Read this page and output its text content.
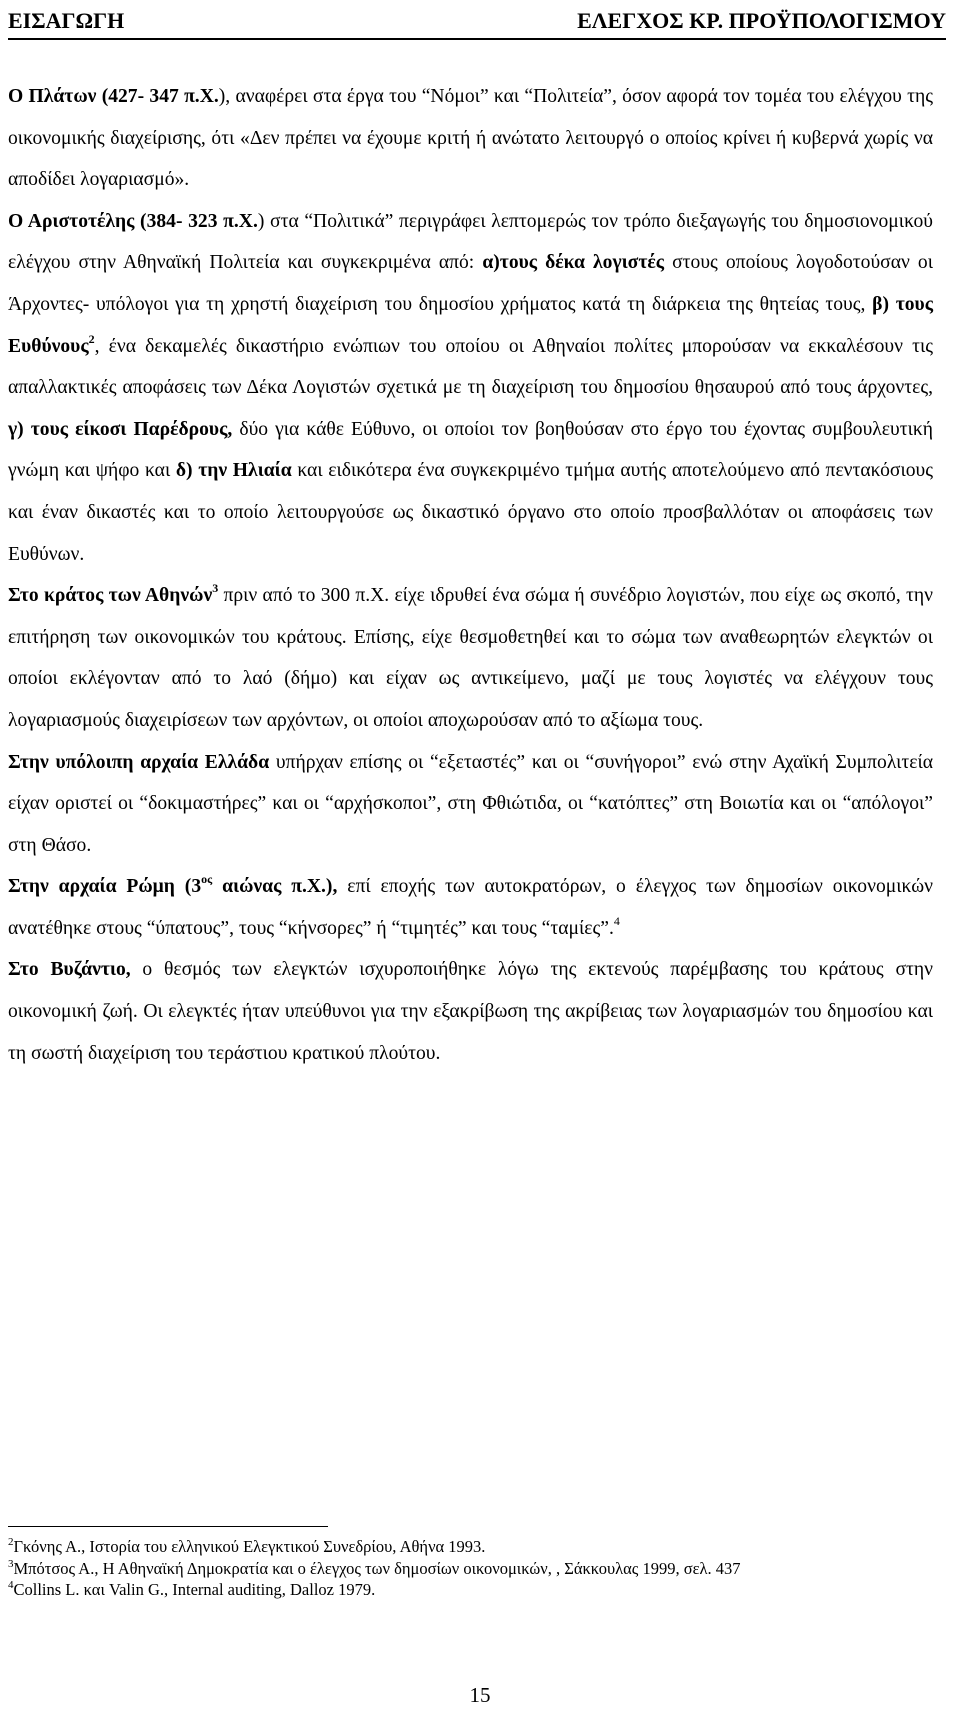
ΕΙΣΑΓΩΓΗ	ΕΛΕΓΧΟΣ ΚΡ. ΠΡΟΫΠΟΛΟΓΙΣΜΟΥ

Ο Πλάτων (427- 347 π.Χ.), αναφέρει στα έργα του “Νόμοι” και “Πολιτεία”, όσον αφορά τον τομέα του ελέγχου της οικονομικής διαχείρισης, ότι «Δεν πρέπει να έχουμε κριτή ή ανώτατο λειτουργό ο οποίος κρίνει ή κυβερνά χωρίς να αποδίδει λογαριασμό».

Ο Αριστοτέλης (384- 323 π.Χ.) στα “Πολιτικά” περιγράφει λεπτομερώς τον τρόπο διεξαγωγής του δημοσιονομικού ελέγχου στην Αθηναϊκή Πολιτεία και συγκεκριμένα από: α)τους δέκα λογιστές στους οποίους λογοδοτούσαν οι Άρχοντες- υπόλογοι για τη χρηστή διαχείριση του δημοσίου χρήματος κατά τη διάρκεια της θητείας τους, β) τους Ευθύνους$^2$, ένα δεκαμελές δικαστήριο ενώπιων του οποίου οι Αθηναίοι πολίτες μπορούσαν να εκκαλέσουν τις απαλλακτικές αποφάσεις των Δέκα Λογιστών σχετικά με τη διαχείριση του δημοσίου θησαυρού από τους άρχοντες, γ) τους είκοσι Παρέδρους, δύο για κάθε Εύθυνο, οι οποίοι τον βοηθούσαν στο έργο του έχοντας συμβουλευτική γνώμη και ψήφο και δ) την Ηλιαία και ειδικότερα ένα συγκεκριμένο τμήμα αυτής αποτελούμενο από πεντακόσιους και έναν δικαστές και το οποίο λειτουργούσε ως δικαστικό όργανο στο οποίο προσβαλλόταν οι αποφάσεις των Ευθύνων.

Στο κράτος των Αθηνών$^3$ πριν από το 300 π.Χ. είχε ιδρυθεί ένα σώμα ή συνέδριο λογιστών, που είχε ως σκοπό, την επιτήρηση των οικονομικών του κράτους. Επίσης, είχε θεσμοθετηθεί και το σώμα των αναθεωρητών ελεγκτών οι οποίοι εκλέγονταν από το λαό (δήμο) και είχαν ως αντικείμενο, μαζί με τους λογιστές να ελέγχουν τους λογαριασμούς διαχειρίσεων των αρχόντων, οι οποίοι αποχωρούσαν από το αξίωμα τους.

Στην υπόλοιπη αρχαία Ελλάδα υπήρχαν επίσης οι “εξεταστές” και οι “συνήγοροι” ενώ στην Αχαϊκή Συμπολιτεία είχαν οριστεί οι “δοκιμαστήρες” και οι “αρχήσκοποι”, στη Φθιώτιδα, οι “κατόπτες” στη Βοιωτία και οι “απόλογοι” στη Θάσο.

Στην αρχαία Ρώμη ($3^{o\varsigma}$ αιώνας π.Χ.), επί εποχής των αυτοκρατόρων, ο έλεγχος των δημοσίων οικονομικών ανατέθηκε στους “ύπατους”, τους “κήνσορες” ή “τιμητές” και τους “ταμίες”.$^4$

Στο Βυζάντιο, ο θεσμός των ελεγκτών ισχυροποιήθηκε λόγω της εκτενούς παρέμβασης του κράτους στην οικονομική ζωή. Οι ελεγκτές ήταν υπεύθυνοι για την εξακρίβωση της ακρίβειας των λογαριασμών του δημοσίου και τη σωστή διαχείριση του τεράστιου κρατικού πλούτου.

$^2$Γκόνης Α., Ιστορία του ελληνικού Ελεγκτικού Συνεδρίου, Αθήνα 1993.

$^3$Μπότσος Α., Η Αθηναϊκή Δημοκρατία και ο έλεγχος των δημοσίων οικονομικών, , Σάκκουλας 1999, σελ. 437

$^4$Collins L. και Valin G., Internal auditing, Dalloz 1979.

15
